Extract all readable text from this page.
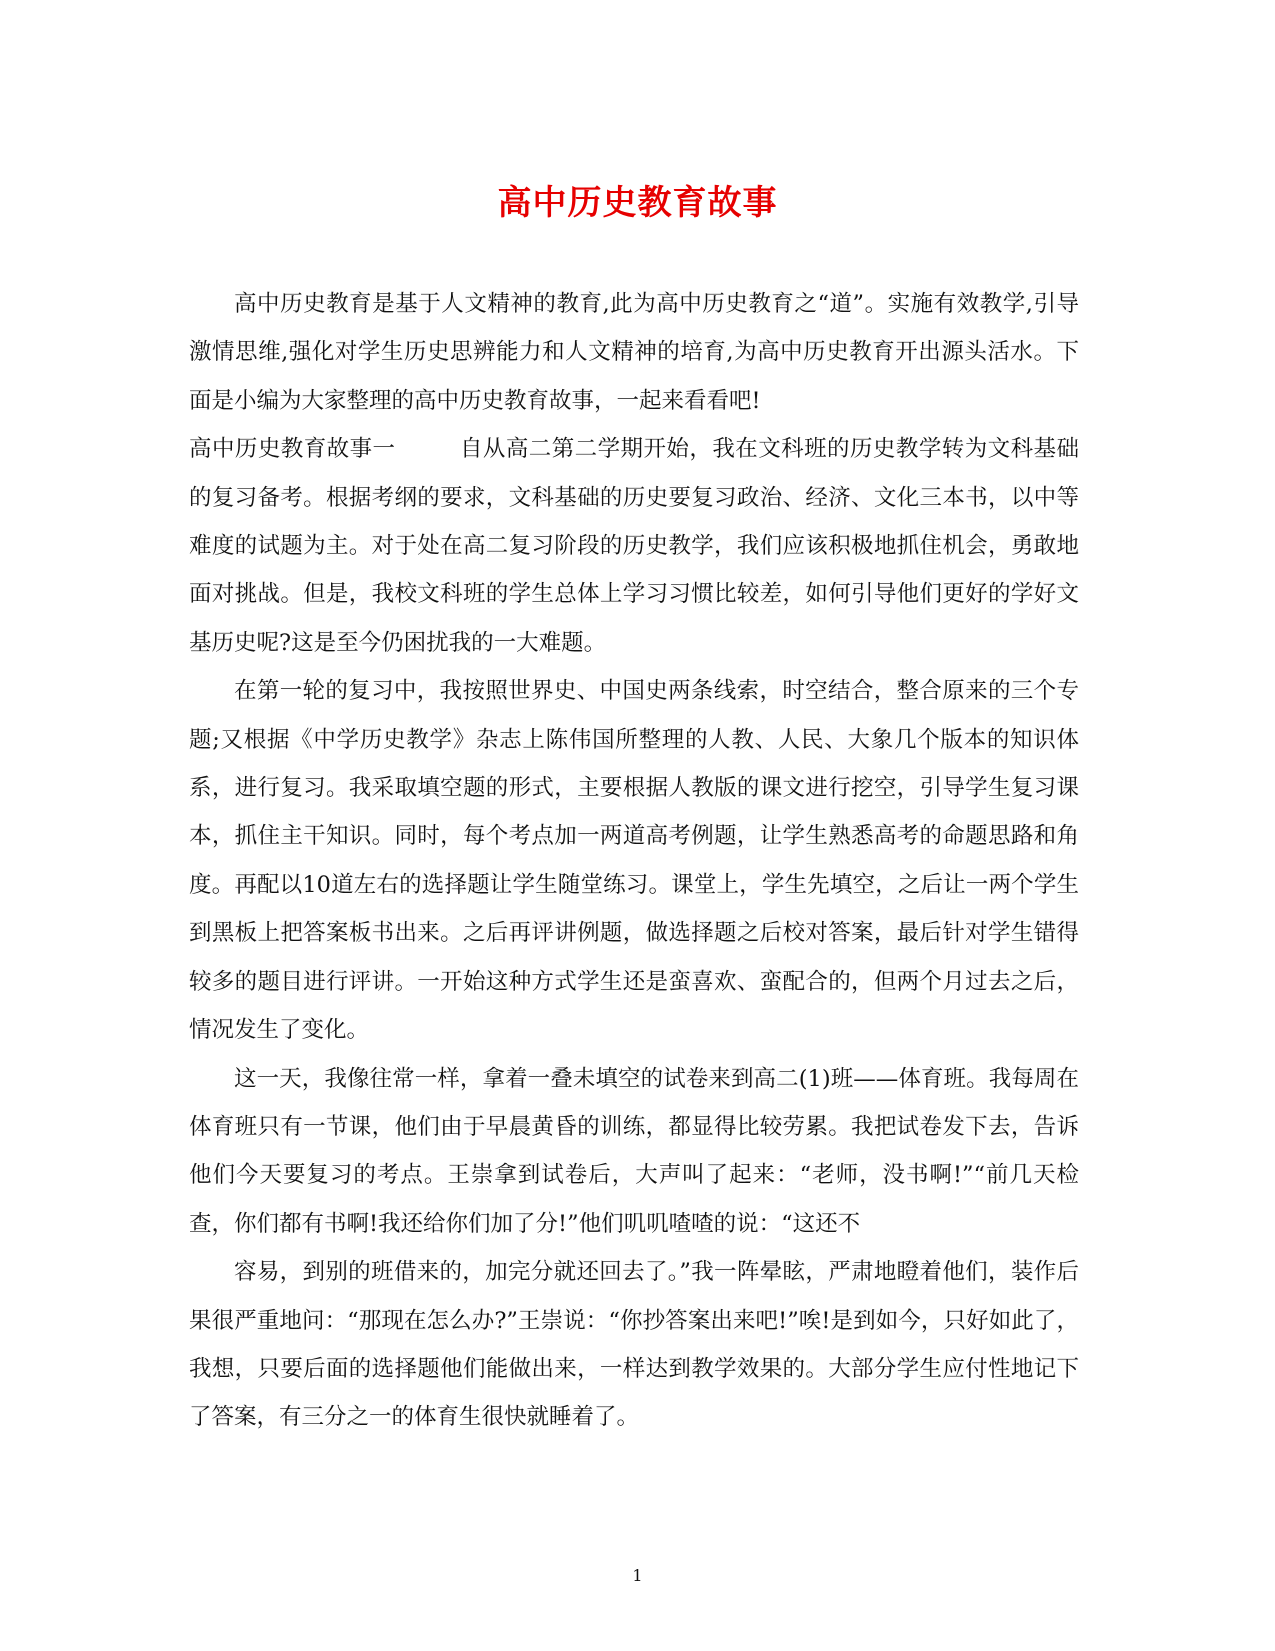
高中历史教育故事

高中历史教育是基于人文精神的教育,此为高中历史教育之“道”。实施有效教学,引导激情思维,强化对学生历史思辨能力和人文精神的培育,为高中历史教育开出源头活水。下面是小编为大家整理的高中历史教育故事，一起来看看吧!

高中历史教育故事一	自从高二第二学期开始，我在文科班的历史教学转为文科基础的复习备考。根据考纲的要求，文科基础的历史要复习政治、经济、文化三本书，以中等难度的试题为主。对于处在高二复习阶段的历史教学，我们应该积极地抓住机会，勇敢地面对挑战。但是，我校文科班的学生总体上学习习惯比较差，如何引导他们更好的学好文基历史呢?这是至今仍困扰我的一大难题。

在第一轮的复习中，我按照世界史、中国史两条线索，时空结合，整合原来的三个专题;又根据《中学历史教学》杂志上陈伟国所整理的人教、人民、大象几个版本的知识体系，进行复习。我采取填空题的形式，主要根据人教版的课文进行挖空，引导学生复习课本，抓住主干知识。同时，每个考点加一两道高考例题，让学生熟悉高考的命题思路和角度。再配以10道左右的选择题让学生随堂练习。课堂上，学生先填空，之后让一两个学生到黑板上把答案板书出来。之后再评讲例题，做选择题之后校对答案，最后针对学生错得较多的题目进行评讲。一开始这种方式学生还是蛮喜欢、蛮配合的，但两个月过去之后，情况发生了变化。

这一天，我像往常一样，拿着一叠未填空的试卷来到高二(1)班——体育班。我每周在体育班只有一节课，他们由于早晨黄昏的训练，都显得比较劳累。我把试卷发下去，告诉他们今天要复习的考点。王崇拿到试卷后，大声叫了起来：“老师，没书啊!”“前几天检查，你们都有书啊!我还给你们加了分!”他们叽叽喳喳的说：“这还不

容易，到别的班借来的，加完分就还回去了。”我一阵晕眩，严肃地瞪着他们，装作后果很严重地问：“那现在怎么办?”王崇说：“你抄答案出来吧!”唉!是到如今，只好如此了，我想，只要后面的选择题他们能做出来，一样达到教学效果的。大部分学生应付性地记下了答案，有三分之一的体育生很快就睡着了。

1
